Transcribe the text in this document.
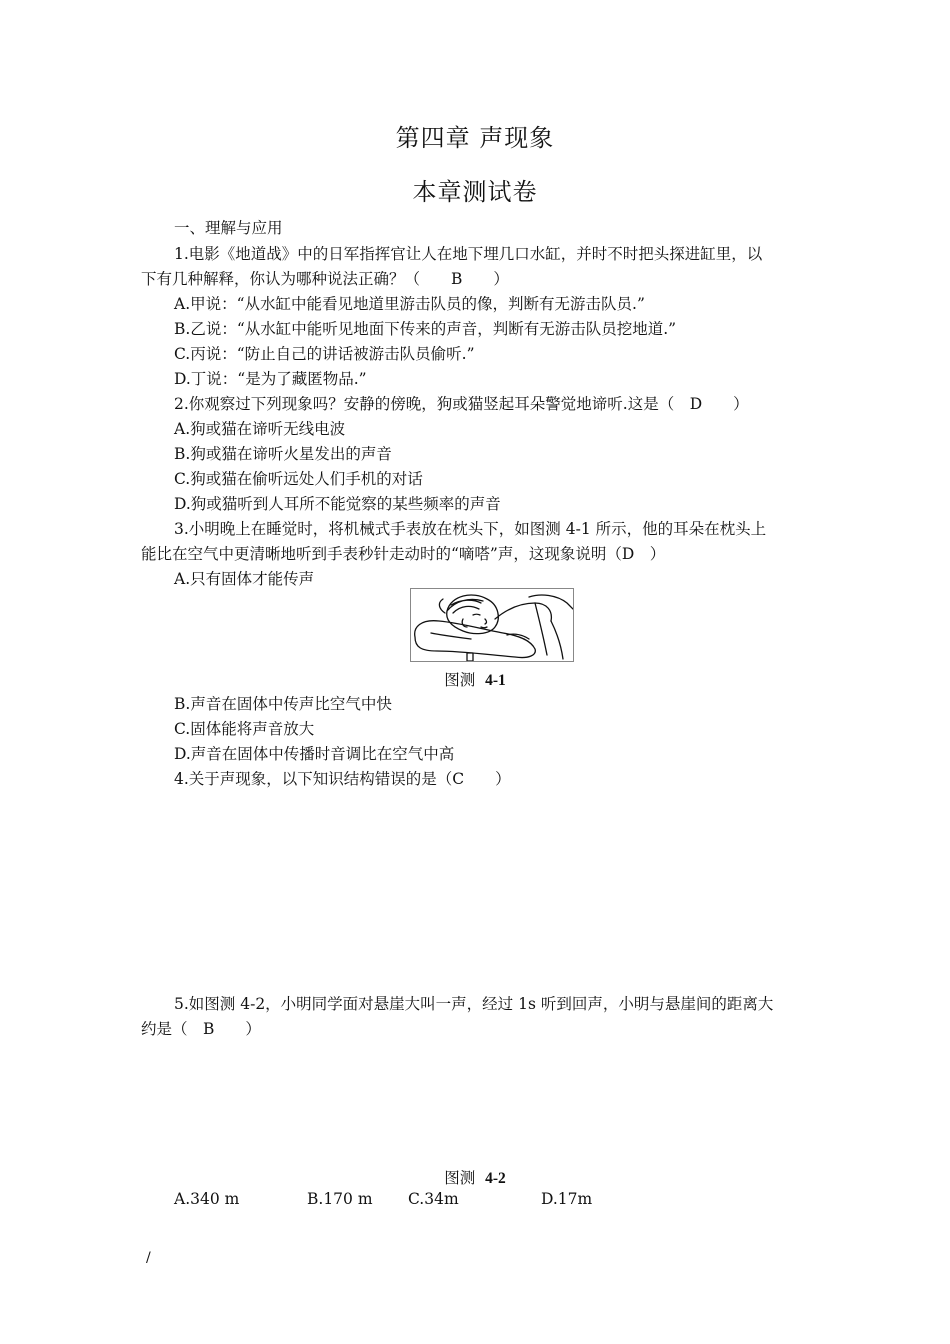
第四章 声现象
本章测试卷
一、理解与应用
1.电影《地道战》中的日军指挥官让人在地下埋几口水缸，并时不时把头探进缸里，以
下有几种解释，你认为哪种说法正确？（　　B　　）
A.甲说：“从水缸中能看见地道里游击队员的像，判断有无游击队员.”
B.乙说：“从水缸中能听见地面下传来的声音，判断有无游击队员挖地道.”
C.丙说：“防止自己的讲话被游击队员偷听.”
D.丁说：“是为了藏匿物品.”
2.你观察过下列现象吗？安静的傍晚，狗或猫竖起耳朵警觉地谛听.这是（　D　　）
A.狗或猫在谛听无线电波
B.狗或猫在谛听火星发出的声音
C.狗或猫在偷听远处人们手机的对话
D.狗或猫听到人耳所不能觉察的某些频率的声音
3.小明晚上在睡觉时，将机械式手表放在枕头下，如图测 4-1 所示，他的耳朵在枕头上
能比在空气中更清晰地听到手表秒针走动时的“嘀嗒”声，这现象说明（D　）
A.只有固体才能传声
图测 4-1
B.声音在固体中传声比空气中快
C.固体能将声音放大
D.声音在固体中传播时音调比在空气中高
4.关于声现象，以下知识结构错误的是（C　　）
5.如图测 4-2，小明同学面对悬崖大叫一声，经过 1s 听到回声，小明与悬崖间的距离大
约是（　B　　）
图测 4-2
A.340 m	B.170 m C.34m	D.17m
/
